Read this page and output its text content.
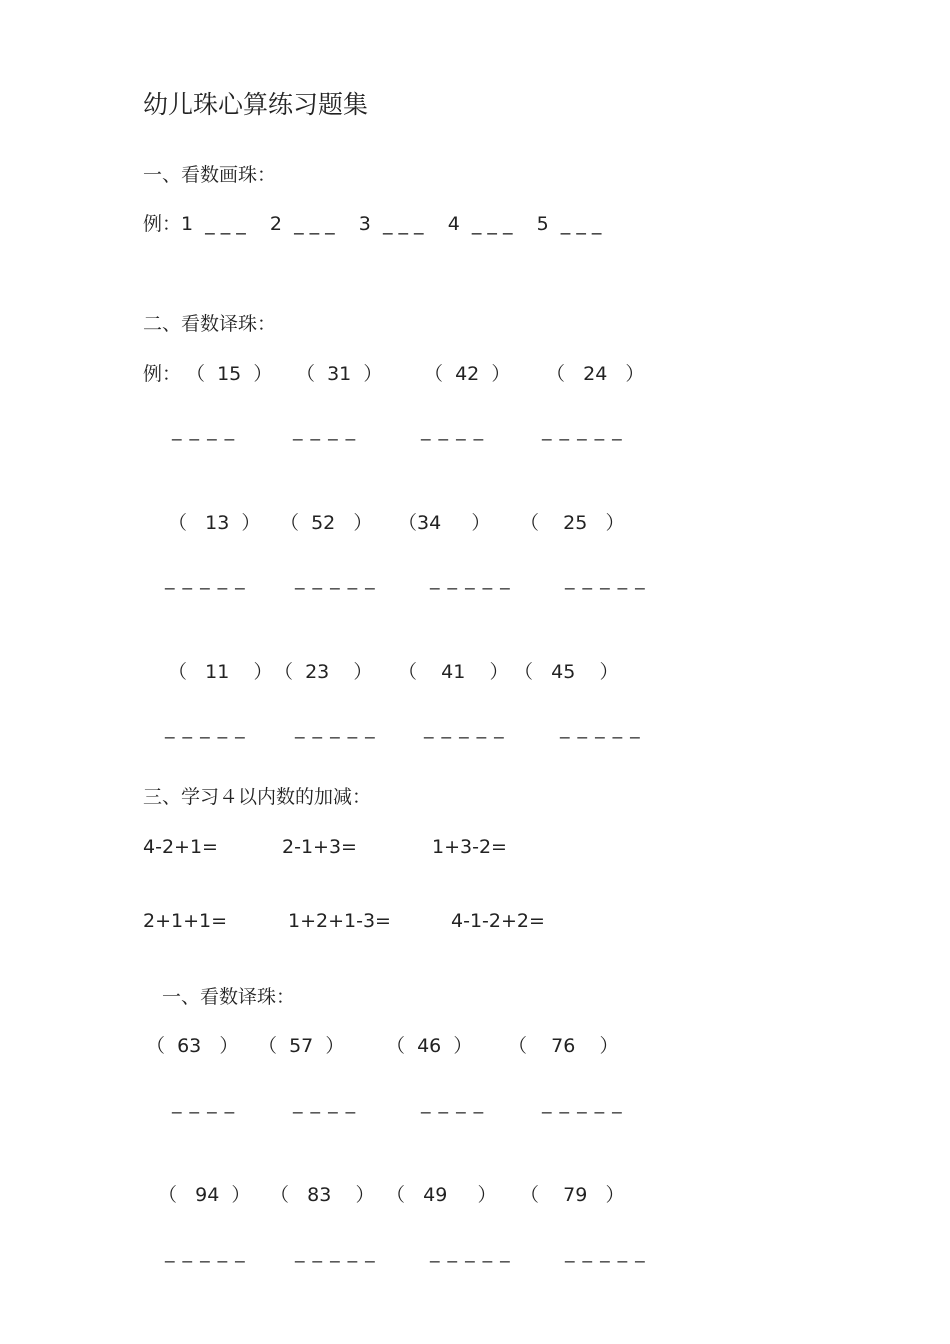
幼儿珠心算练习题集
一、看数画珠：
例：1  _ _ _    2  _ _ _    3  _ _ _    4  _ _ _    5  _ _ _
二、看数译珠：
例： （  15  ） （  31  ） （  42  ） （   24   ）
_ _ _ _	_ _ _ _	_ _ _ _	_ _ _ _ _
（   13  ） （  52   ） （34     ） （    25   ）
_ _ _ _ _	_ _ _ _ _	_ _ _ _ _	_ _ _ _ _
（   11    ） （  23    ） （    41    ） （   45    ）
_ _ _ _ _	_ _ _ _ _	_ _ _ _ _	_ _ _ _ _
三、学习４以内数的加减：
4-2+1=	2-1+3=	1+3-2=
2+1+1=	1+2+1-3=	4-1-2+2=
一、看数译珠：
（  63   ） （  57  ） （  46  ） （    76    ）
_ _ _ _	_ _ _ _	_ _ _ _	_ _ _ _ _
（   94  ） （   83    ） （   49     ） （    79   ）
_ _ _ _ _	_ _ _ _ _	_ _ _ _ _	_ _ _ _ _
